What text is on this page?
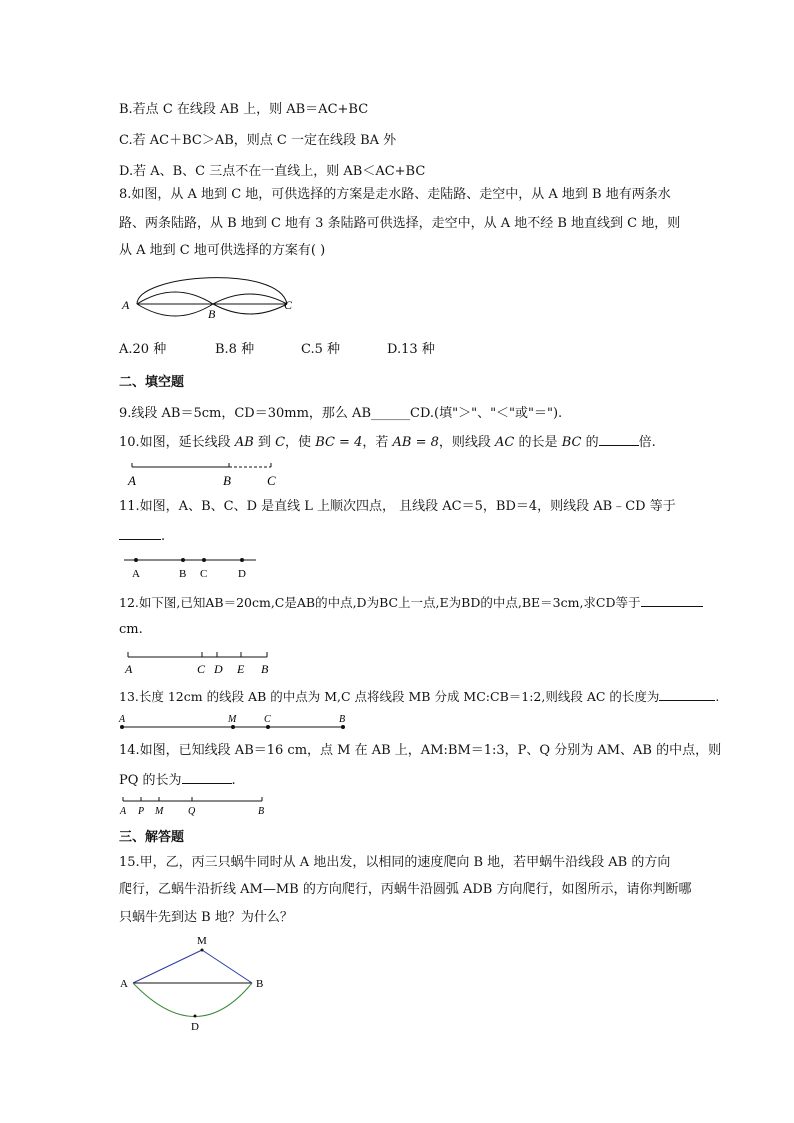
B.若点 C 在线段 AB 上，则 AB＝AC+BC
C.若 AC＋BC＞AB，则点 C 一定在线段 BA 外
D.若 A、B、C 三点不在一直线上，则 AB＜AC+BC
8.如图，从 A 地到 C 地，可供选择的方案是走水路、走陆路、走空中，从 A 地到 B 地有两条水
路、两条陆路，从 B 地到 C 地有 3 条陆路可供选择，走空中，从 A 地不经 B 地直线到 C 地，则
从 A 地到 C 地可供选择的方案有( )
A
B
C
A.20 种	B.8 种	C.5 种	D.13 种
二、填空题
9.线段 AB＝5cm，CD＝30mm，那么 AB______CD.(填"＞"、"＜"或"＝").
10.如图，延长线段 AB 到 C，使 BC = 4，若 AB = 8，则线段 AC 的长是 BC 的	倍.
A	B	C
11.如图，A、B、C、D 是直线 L 上顺次四点， 且线段 AC＝5，BD＝4，则线段 AB﹣CD 等于
.
A	B C	D
12.如下图,已知AB＝20cm,C是AB的中点,D为BC上一点,E为BD的中点,BE＝3cm,求CD等于
cm.
A	C D E B
13.长度 12cm 的线段 AB 的中点为 M,C 点将线段 MB 分成 MC:CB＝1:2,则线段 AC 的长度为	.
A	M	C	B
14.如图，已知线段 AB＝16 cm，点 M 在 AB 上，AM:BM＝1:3，P、Q 分别为 AM、AB 的中点，则
PQ 的长为	.
A P M Q	B
三、解答题
15.甲，乙，丙三只蜗牛同时从 A 地出发，以相同的速度爬向 B 地，若甲蜗牛沿线段 AB 的方向
爬行，乙蜗牛沿折线 AM—MB 的方向爬行，丙蜗牛沿圆弧 ADB 方向爬行，如图所示，请你判断哪
只蜗牛先到达 B 地？为什么？
M
A	B
D
